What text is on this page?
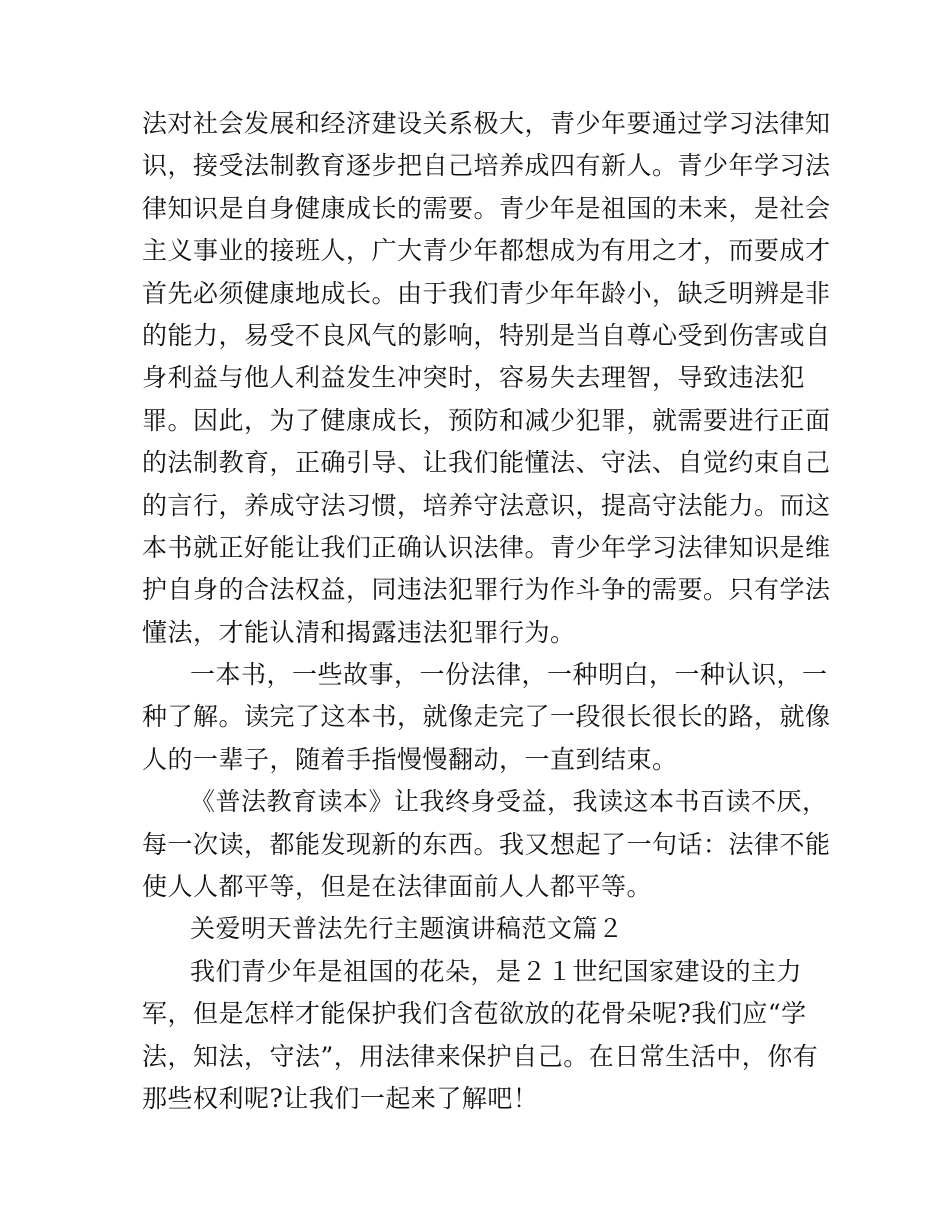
法对社会发展和经济建设关系极大，青少年要通过学习法律知
识，接受法制教育逐步把自己培养成四有新人。青少年学习法
律知识是自身健康成长的需要。青少年是祖国的未来，是社会
主义事业的接班人，广大青少年都想成为有用之才，而要成才
首先必须健康地成长。由于我们青少年年龄小，缺乏明辨是非
的能力，易受不良风气的影响，特别是当自尊心受到伤害或自
身利益与他人利益发生冲突时，容易失去理智，导致违法犯
罪。因此，为了健康成长，预防和减少犯罪，就需要进行正面
的法制教育，正确引导、让我们能懂法、守法、自觉约束自己
的言行，养成守法习惯，培养守法意识，提高守法能力。而这
本书就正好能让我们正确认识法律。青少年学习法律知识是维
护自身的合法权益，同违法犯罪行为作斗争的需要。只有学法
懂法，才能认清和揭露违法犯罪行为。
一本书，一些故事，一份法律，一种明白，一种认识，一
种了解。读完了这本书，就像走完了一段很长很长的路，就像
人的一辈子，随着手指慢慢翻动，一直到结束。
《普法教育读本》让我终身受益，我读这本书百读不厌，
每一次读，都能发现新的东西。我又想起了一句话：法律不能
使人人都平等，但是在法律面前人人都平等。
关爱明天普法先行主题演讲稿范文篇２
我们青少年是祖国的花朵，是２１世纪国家建设的主力
军，但是怎样才能保护我们含苞欲放的花骨朵呢?我们应“学
法，知法，守法”，用法律来保护自己。在日常生活中，你有
那些权利呢?让我们一起来了解吧！
